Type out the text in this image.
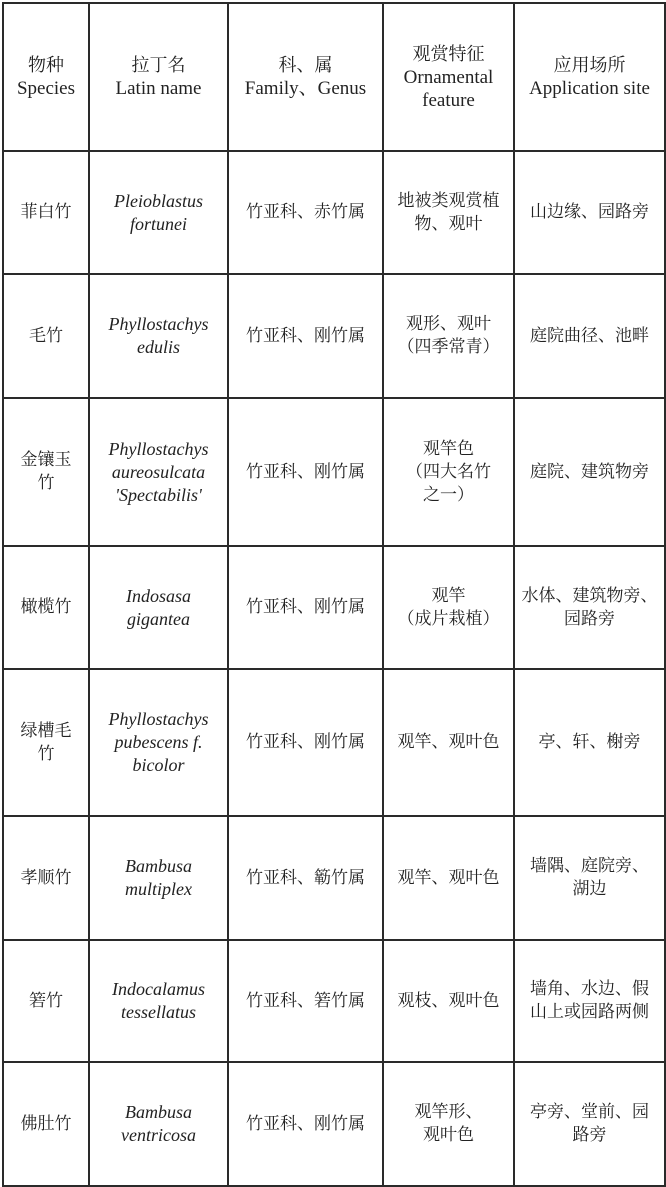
物种
Species	拉丁名
Latin name	科、属
Family、Genus	观赏特征
Ornamental
feature	应用场所
Application site

菲白竹	Pleioblastus
fortunei	竹亚科、赤竹属	地被类观赏植
物、观叶	山边缘、园路旁

毛竹	Phyllostachys
edulis	竹亚科、刚竹属	观形、观叶
（四季常青）	庭院曲径、池畔

金镶玉
竹	Phyllostachys
aureosulcata
'Spectabilis'	竹亚科、刚竹属	观竿色
（四大名竹
之一）	庭院、建筑物旁

橄榄竹	Indosasa
gigantea	竹亚科、刚竹属	观竿
（成片栽植）	水体、建筑物旁、
园路旁

绿槽毛
竹	Phyllostachys
pubescens f.
bicolor	竹亚科、刚竹属	观竿、观叶色	亭、轩、榭旁

孝顺竹	Bambusa
multiplex	竹亚科、簕竹属	观竿、观叶色	墙隅、庭院旁、
湖边

箬竹	Indocalamus
tessellatus	竹亚科、箬竹属	观枝、观叶色	墙角、水边、假
山上或园路两侧

佛肚竹	Bambusa
ventricosa	竹亚科、刚竹属	观竿形、
观叶色	亭旁、堂前、园
路旁
